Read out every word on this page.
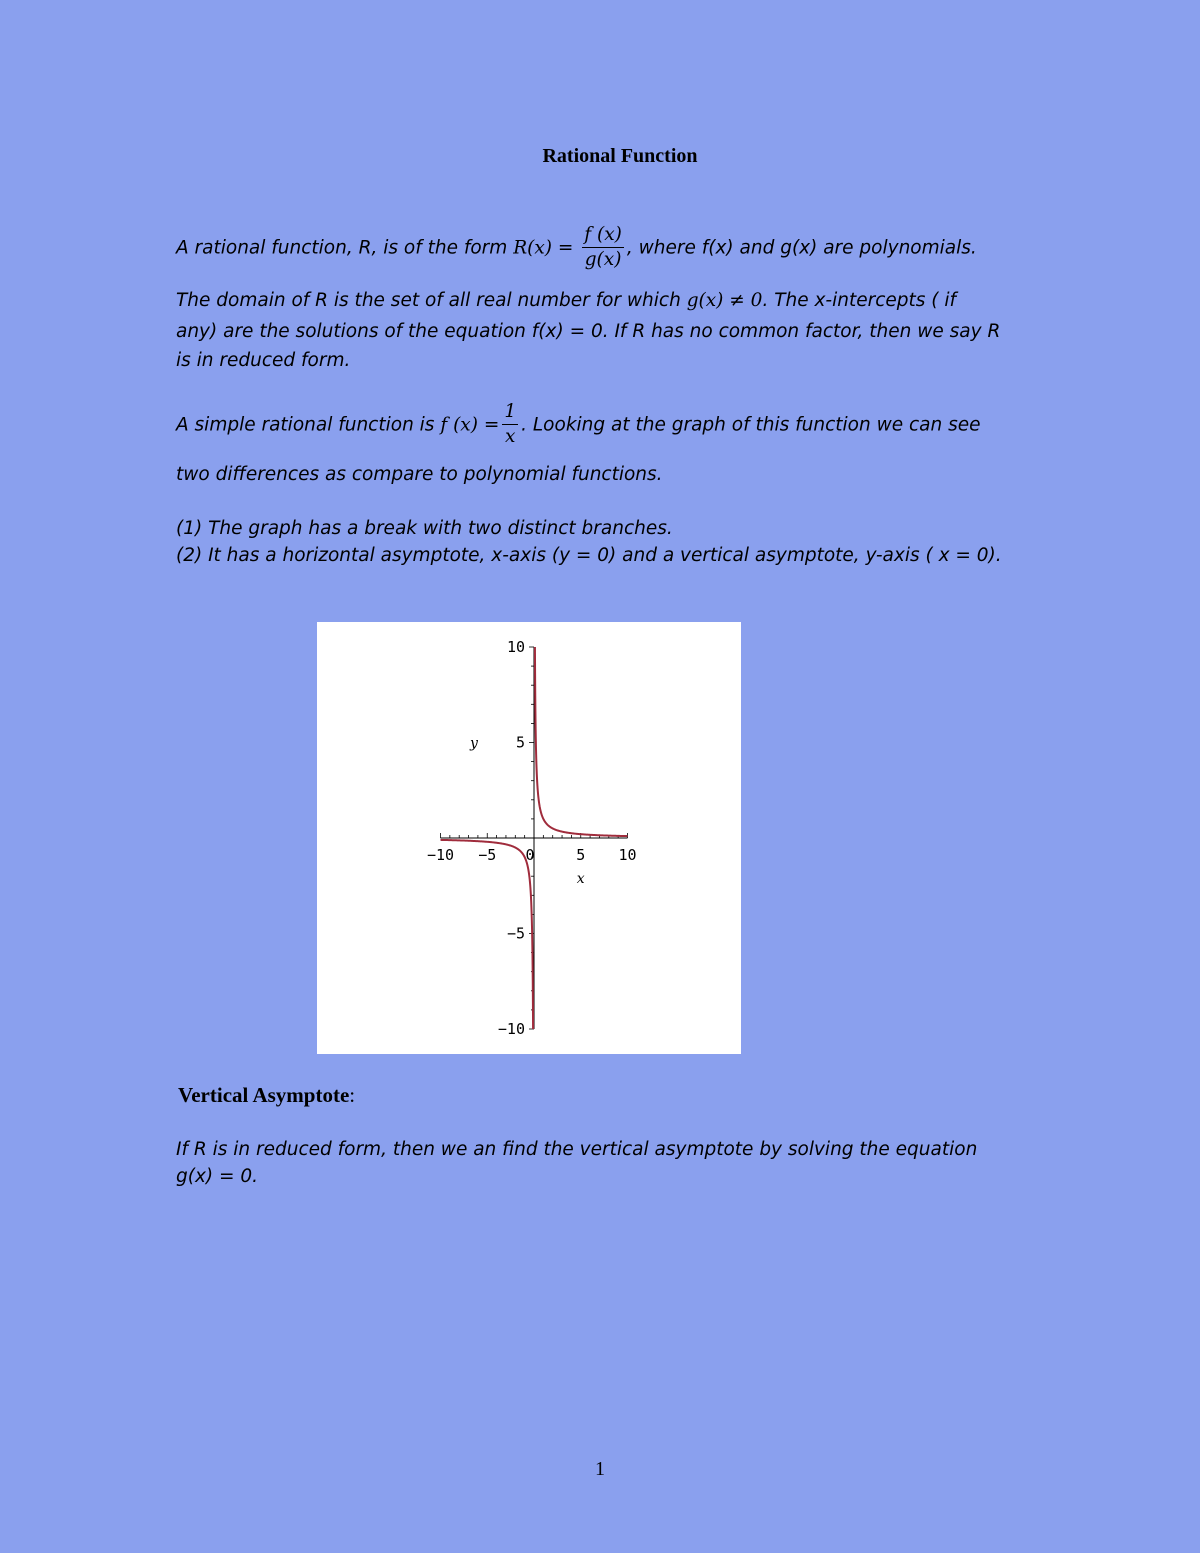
Rational Function
A rational function, R, is of the form $R(x) = \frac{f (x)}{g(x)}$ , where f(x) and g(x) are polynomials.
The domain of R is the set of all real number for which g(x) ≠ 0. The x-intercepts ( if
any) are the solutions of the equation f(x) = 0. If R has no common factor, then we say R
is in reduced form.
A simple rational function is f $(x) = \frac{1}{x}$ . Looking at the graph of this function we can see
two differences as compare to polynomial functions.
(1) The graph has a break with two distinct branches.
(2) It has a horizontal asymptote, x-axis (y = 0) and a vertical asymptote, y-axis ( x = 0).
−10 −5 0	5 10
10
5
−5
−10
x
y
Vertical Asymptote:
If R is in reduced form, then we an find the vertical asymptote by solving the equation
g(x) = 0.
1
